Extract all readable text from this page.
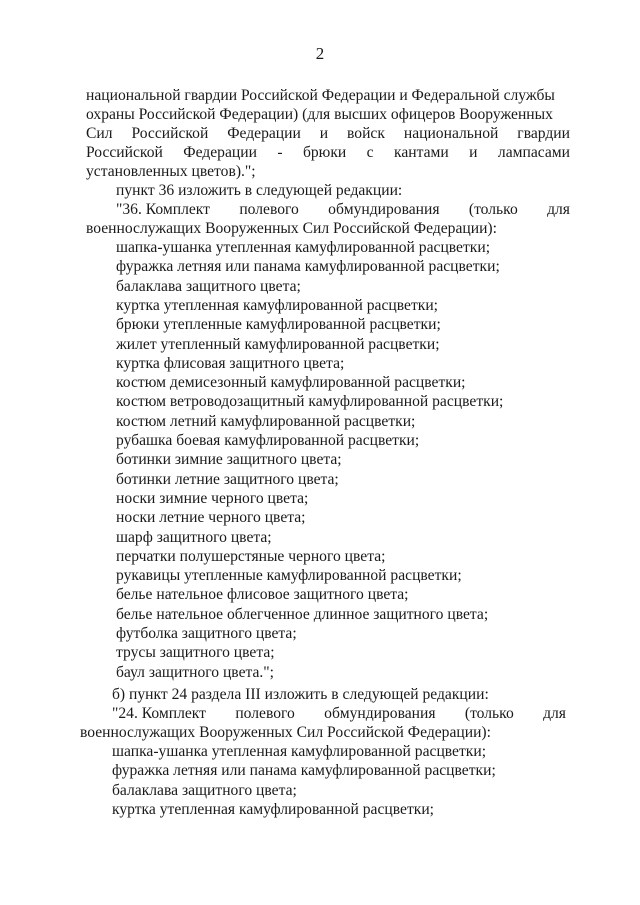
2
национальной гвардии Российской Федерации и Федеральной службы
охраны Российской Федерации) (для высших офицеров Вооруженных
Сил Российской Федерации и войск национальной гвардии
Российской Федерации - брюки с кантами и лампасами
установленных цветов).";
пункт 36 изложить в следующей редакции:
"36. Комплект полевого обмундирования (только для
военнослужащих Вооруженных Сил Российской Федерации):
шапка-ушанка утепленная камуфлированной расцветки;
фуражка летняя или панама камуфлированной расцветки;
балаклава защитного цвета;
куртка утепленная камуфлированной расцветки;
брюки утепленные камуфлированной расцветки;
жилет утепленный камуфлированной расцветки;
куртка флисовая защитного цвета;
костюм демисезонный камуфлированной расцветки;
костюм ветроводозащитный камуфлированной расцветки;
костюм летний камуфлированной расцветки;
рубашка боевая камуфлированной расцветки;
ботинки зимние защитного цвета;
ботинки летние защитного цвета;
носки зимние черного цвета;
носки летние черного цвета;
шарф защитного цвета;
перчатки полушерстяные черного цвета;
рукавицы утепленные камуфлированной расцветки;
белье нательное флисовое защитного цвета;
белье нательное облегченное длинное защитного цвета;
футболка защитного цвета;
трусы защитного цвета;
баул защитного цвета.";
б) пункт 24 раздела III изложить в следующей редакции:
"24. Комплект полевого обмундирования (только для
военнослужащих Вооруженных Сил Российской Федерации):
шапка-ушанка утепленная камуфлированной расцветки;
фуражка летняя или панама камуфлированной расцветки;
балаклава защитного цвета;
куртка утепленная камуфлированной расцветки;
